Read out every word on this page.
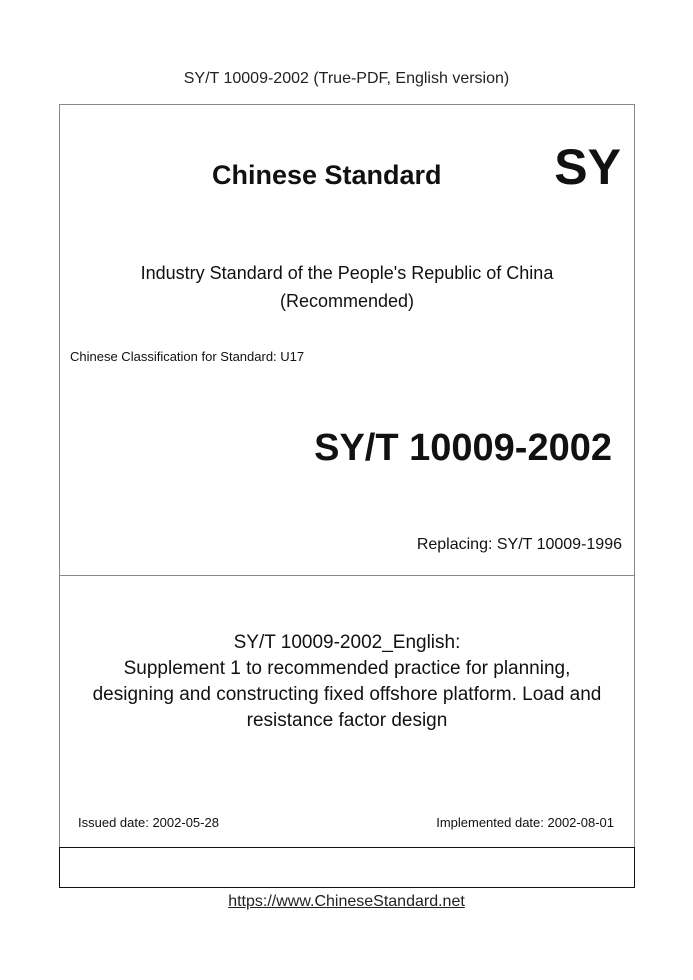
SY/T 10009-2002 (True-PDF, English version)
Chinese Standard SY
Industry Standard of the People's Republic of China
(Recommended)
Chinese Classification for Standard: U17
SY/T 10009-2002
Replacing: SY/T 10009-1996
SY/T 10009-2002_English:
Supplement 1 to recommended practice for planning,
designing and constructing fixed offshore platform. Load and
resistance factor design
Issued date: 2002-05-28	Implemented date: 2002-08-01
https://www.ChineseStandard.net
